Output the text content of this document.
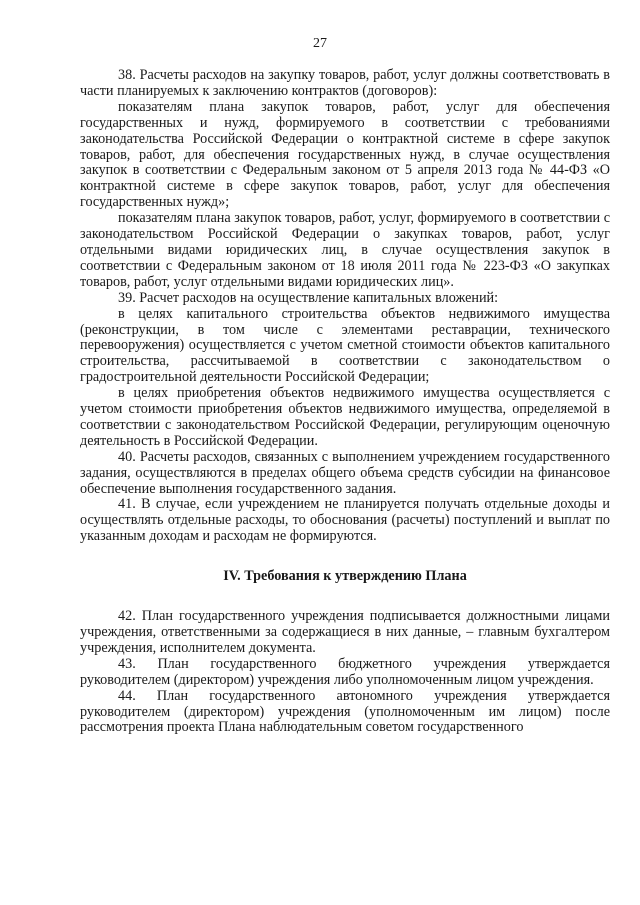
27

38. Расчеты расходов на закупку товаров, работ, услуг должны соответствовать в части планируемых к заключению контрактов (договоров):

показателям плана закупок товаров, работ, услуг для обеспечения государственных и нужд, формируемого в соответствии с требованиями законодательства Российской Федерации о контрактной системе в сфере закупок товаров, работ, для обеспечения государственных нужд, в случае осуществления закупок в соответствии с Федеральным законом от 5 апреля 2013 года № 44-ФЗ «О контрактной системе в сфере закупок товаров, работ, услуг для обеспечения государственных нужд»;

показателям плана закупок товаров, работ, услуг, формируемого в соответствии с законодательством Российской Федерации о закупках товаров, работ, услуг отдельными видами юридических лиц, в случае осуществления закупок в соответствии с Федеральным законом от 18 июля 2011 года № 223-ФЗ «О закупках товаров, работ, услуг отдельными видами юридических лиц».

39. Расчет расходов на осуществление капитальных вложений:

в целях капитального строительства объектов недвижимого имущества (реконструкции, в том числе с элементами реставрации, технического перевооружения) осуществляется с учетом сметной стоимости объектов капитального строительства, рассчитываемой в соответствии с законодательством о градостроительной деятельности Российской Федерации;

в целях приобретения объектов недвижимого имущества осуществляется с учетом стоимости приобретения объектов недвижимого имущества, определяемой в соответствии с законодательством Российской Федерации, регулирующим оценочную деятельность в Российской Федерации.

40. Расчеты расходов, связанных с выполнением учреждением государственного задания, осуществляются в пределах общего объема средств субсидии на финансовое обеспечение выполнения государственного задания.

41. В случае, если учреждением не планируется получать отдельные доходы и осуществлять отдельные расходы, то обоснования (расчеты) поступлений и выплат по указанным доходам и расходам не формируются.

IV. Требования к утверждению Плана

42. План государственного учреждения подписывается должностными лицами учреждения, ответственными за содержащиеся в них данные, – главным бухгалтером учреждения, исполнителем документа.

43. План государственного бюджетного учреждения утверждается руководителем (директором) учреждения либо уполномоченным лицом учреждения.

44. План государственного автономного учреждения утверждается руководителем (директором) учреждения (уполномоченным им лицом) после рассмотрения проекта Плана наблюдательным советом государственного
